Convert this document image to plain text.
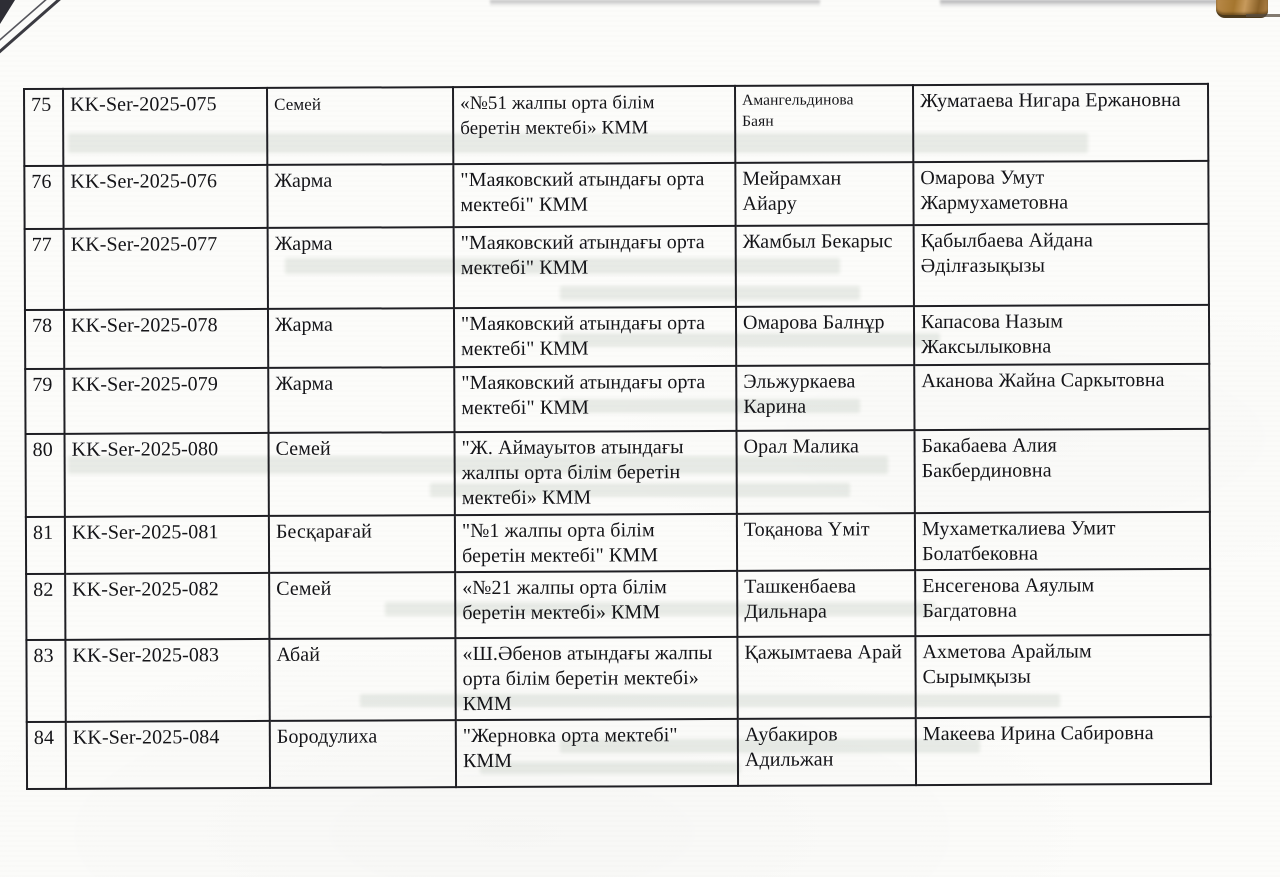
75	KK-Ser-2025-075	Семей	«№51 жалпы орта білім
беретін мектебі» КММ	Амангельдинова
Баян	Жуматаева Нигара Ержановна
76	KK-Ser-2025-076	Жарма	"Маяковский атындағы орта
мектебі" КММ	Мейрамхан
Айару	Омарова Умут
Жармухаметовна
77	KK-Ser-2025-077	Жарма	"Маяковский атындағы орта
мектебі" КММ	Жамбыл Бекарыс	Қабылбаева Айдана
Әділғазықызы
78	KK-Ser-2025-078	Жарма	"Маяковский атындағы орта
мектебі" КММ	Омарова Балнұр	Капасова Назым
Жаксылыковна
79	KK-Ser-2025-079	Жарма	"Маяковский атындағы орта
мектебі" КММ	Эльжуркаева
Карина	Аканова Жайна Саркытовна
80	KK-Ser-2025-080	Семей	"Ж. Аймауытов атындағы
жалпы орта білім беретін
мектебі» КММ	Орал Малика	Бакабаева Алия
Бакбердиновна
81	KK-Ser-2025-081	Бесқарағай	"№1 жалпы орта білім
беретін мектебі" КММ	Тоқанова Үміт	Мухаметкалиева Умит
Болатбековна
82	KK-Ser-2025-082	Семей	«№21 жалпы орта білім
беретін мектебі» КММ	Ташкенбаева
Дильнара	Енсегенова Аяулым
Багдатовна
83	KK-Ser-2025-083	Абай	«Ш.Әбенов атындағы жалпы
орта білім беретін мектебі»
КММ	Қажымтаева Арай	Ахметова Арайлым
Сырымқызы
84	KK-Ser-2025-084	Бородулиха	"Жерновка орта мектебі"
КММ	Аубакиров
Адильжан	Макеева Ирина Сабировна
